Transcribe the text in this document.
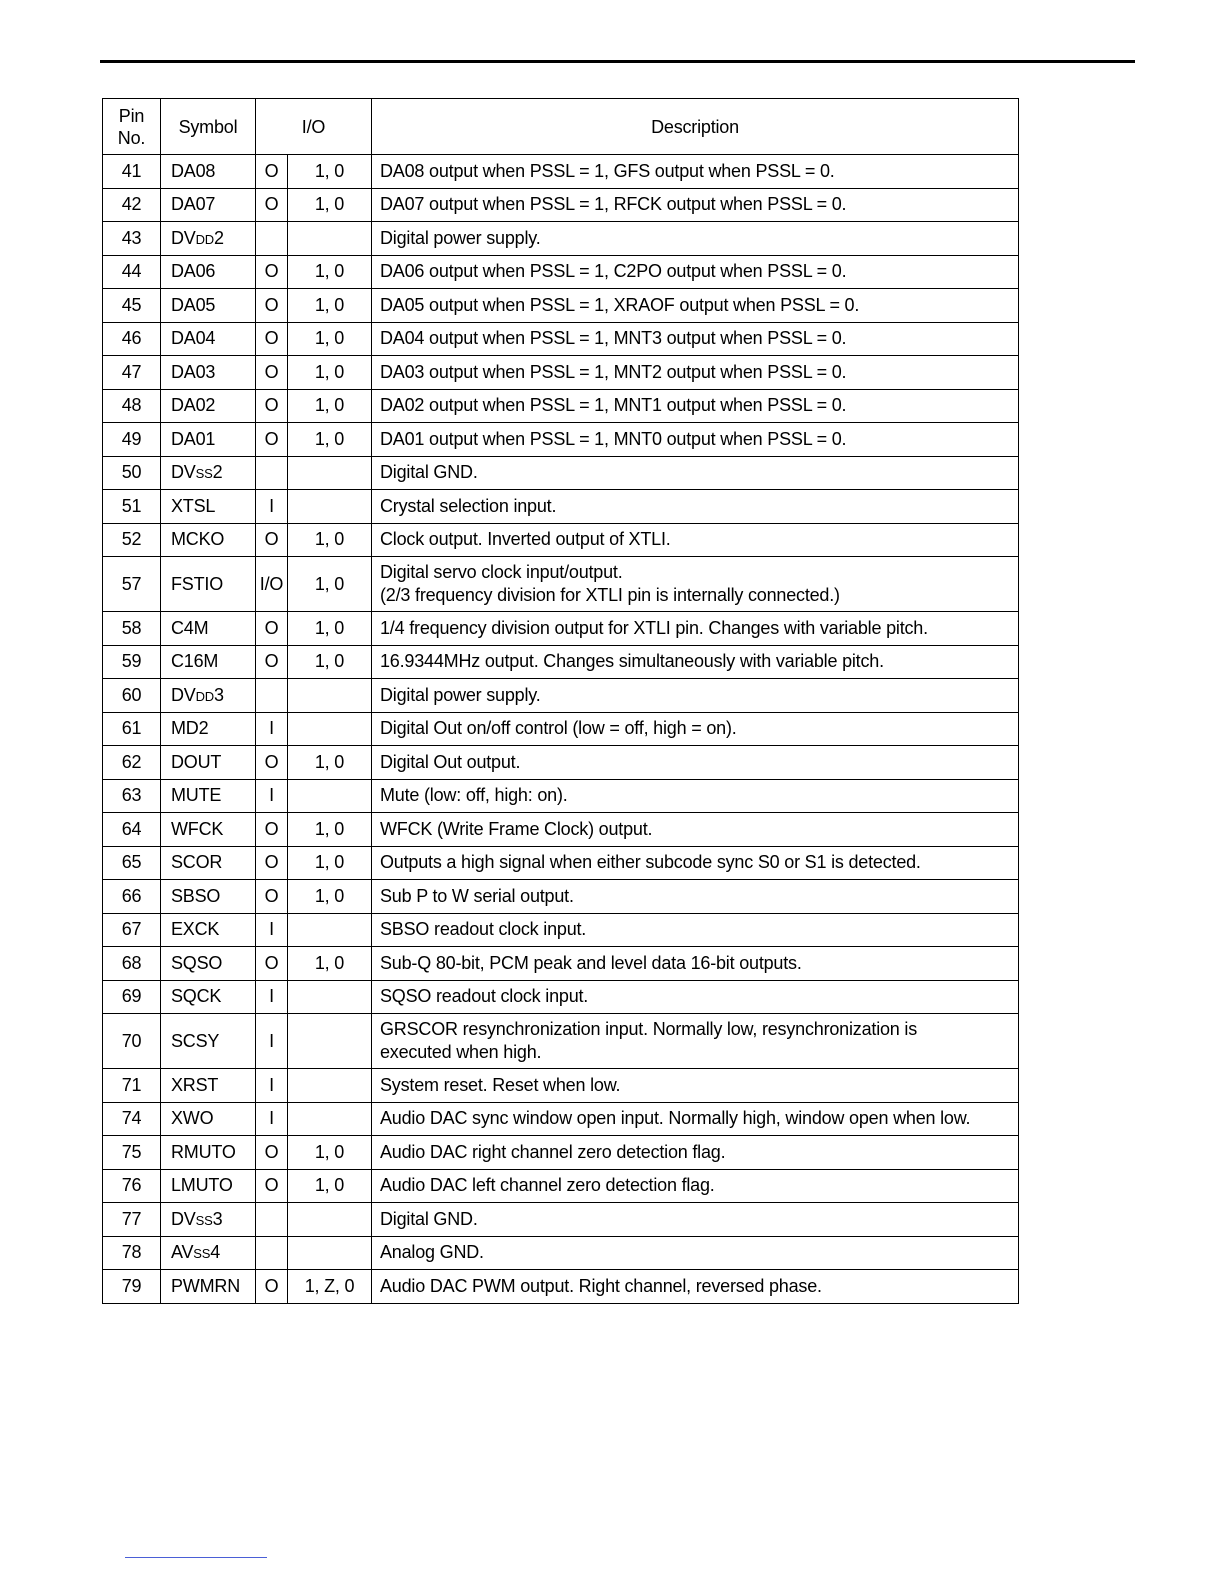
Pin
No.	Symbol	I/O		Description
41	DA08	O	1, 0	DA08 output when PSSL = 1, GFS output when PSSL = 0.

42	DA07	O	1, 0	DA07 output when PSSL = 1, RFCK output when PSSL = 0.

43	DVDD2			Digital power supply.

44	DA06	O	1, 0	DA06 output when PSSL = 1, C2PO output when PSSL = 0.

45	DA05	O	1, 0	DA05 output when PSSL = 1, XRAOF output when PSSL = 0.

46	DA04	O	1, 0	DA04 output when PSSL = 1, MNT3 output when PSSL = 0.

47	DA03	O	1, 0	DA03 output when PSSL = 1, MNT2 output when PSSL = 0.

48	DA02	O	1, 0	DA02 output when PSSL = 1, MNT1 output when PSSL = 0.

49	DA01	O	1, 0	DA01 output when PSSL = 1, MNT0 output when PSSL = 0.

50	DVSS2			Digital GND.

51	XTSL	I		Crystal selection input.

52	MCKO	O	1, 0	Clock output. Inverted output of XTLI.

57	FSTIO	I/O	1, 0	Digital servo clock input/output.
(2/3 frequency division for XTLI pin is internally connected.)

58	C4M	O	1, 0	1/4 frequency division output for XTLI pin. Changes with variable pitch.

59	C16M	O	1, 0	16.9344MHz output. Changes simultaneously with variable pitch.

60	DVDD3			Digital power supply.

61	MD2	I		Digital Out on/off control (low = off, high = on).

62	DOUT	O	1, 0	Digital Out output.

63	MUTE	I		Mute (low: off, high: on).

64	WFCK	O	1, 0	WFCK (Write Frame Clock) output.

65	SCOR	O	1, 0	Outputs a high signal when either subcode sync S0 or S1 is detected.

66	SBSO	O	1, 0	Sub P to W serial output.

67	EXCK	I		SBSO readout clock input.

68	SQSO	O	1, 0	Sub-Q 80-bit, PCM peak and level data 16-bit outputs.

69	SQCK	I		SQSO readout clock input.

70	SCSY	I		GRSCOR resynchronization input. Normally low, resynchronization is
executed when high.

71	XRST	I		System reset. Reset when low.

74	XWO	I		Audio DAC sync window open input. Normally high, window open when low.

75	RMUTO	O	1, 0	Audio DAC right channel zero detection flag.

76	LMUTO	O	1, 0	Audio DAC left channel zero detection flag.

77	DVSS3			Digital GND.

78	AVSS4			Analog GND.

79	PWMRN	O	1, Z, 0	Audio DAC PWM output. Right channel, reversed phase.
